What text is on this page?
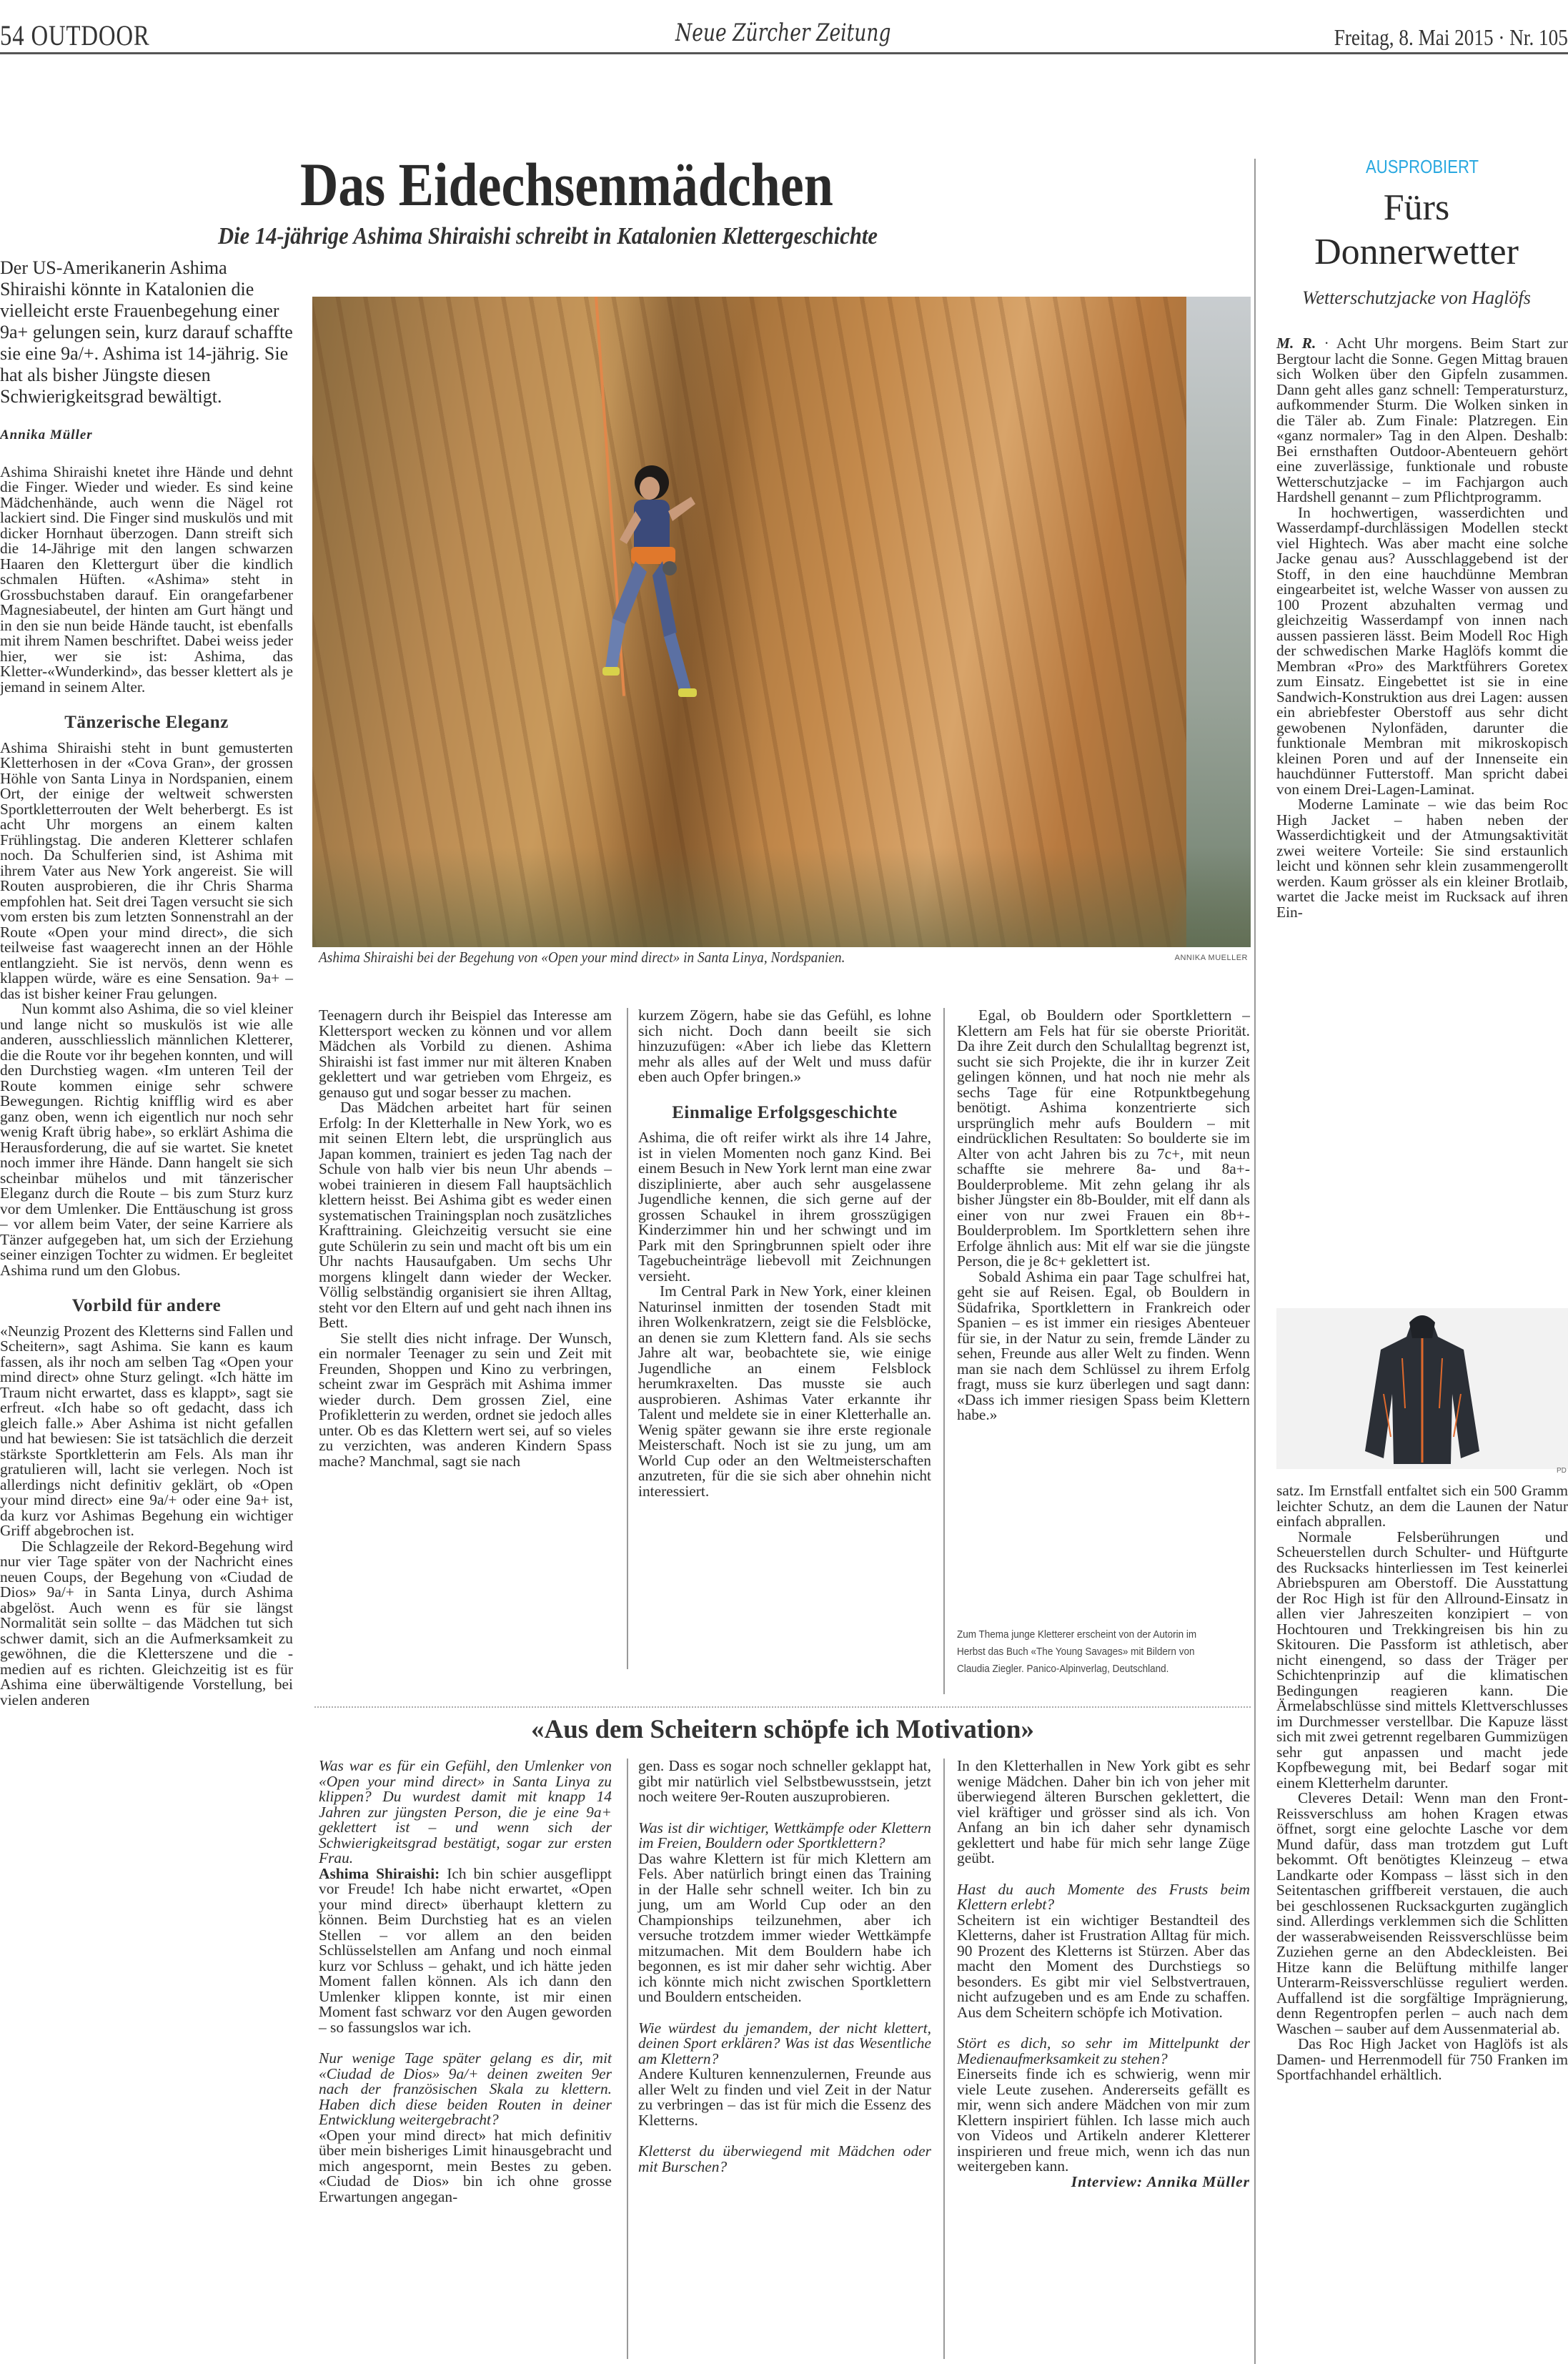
54 OUTDOOR	Neue Zürcher Zeitung	Freitag, 8. Mai 2015 · Nr. 105
Das Eidechsenmädchen
Die 14-jährige Ashima Shiraishi schreibt in Katalonien Klettergeschichte

Der US-Amerikanerin Ashima Shiraishi könnte in Katalonien die vielleicht erste Frauenbegehung einer 9a+ gelungen sein, kurz darauf schaffte sie eine 9a/+. Ashima ist 14-jährig. Sie hat als bisher Jüngste diesen Schwierigkeitsgrad bewältigt.

Annika Müller

Ashima Shiraishi knetet ihre Hände und dehnt die Finger. Wieder und wieder. Es sind keine Mädchenhände, auch wenn die Nägel rot lackiert sind. Die Finger sind muskulös und mit dicker Hornhaut überzogen. Dann streift sich die 14-Jährige mit den langen schwarzen Haaren den Klettergurt über die kindlich schmalen Hüften. «Ashima» steht in Grossbuchstaben darauf. Ein orangefarbener Magnesiabeutel, der hinten am Gurt hängt und in den sie nun beide Hände taucht, ist ebenfalls mit ihrem Namen beschriftet. Dabei weiss jeder hier, wer sie ist: Ashima, das Kletter-«Wunderkind», das besser klettert als je jemand in seinem Alter.

Tänzerische Eleganz

Ashima Shiraishi steht in bunt gemusterten Kletterhosen in der «Cova Gran», der grossen Höhle von Santa Linya in Nordspanien, einem Ort, der einige der weltweit schwersten Sportkletterrouten der Welt beherbergt. Es ist acht Uhr morgens an einem kalten Frühlingstag. Die anderen Kletterer schlafen noch. Da Schulferien sind, ist Ashima mit ihrem Vater aus New York angereist. Sie will Routen ausprobieren, die ihr Chris Sharma empfohlen hat. Seit drei Tagen versucht sie sich vom ersten bis zum letzten Sonnenstrahl an der Route «Open your mind direct», die sich teilweise fast waagerecht innen an der Höhle entlangzieht. Sie ist nervös, denn wenn es klappen würde, wäre es eine Sensation. 9a+ – das ist bisher keiner Frau gelungen.

Nun kommt also Ashima, die so viel kleiner und lange nicht so muskulös ist wie alle anderen, ausschliesslich männlichen Kletterer, die die Route vor ihr begehen konnten, und will den Durchstieg wagen. «Im unteren Teil der Route kommen einige sehr schwere Bewegungen. Richtig knifflig wird es aber ganz oben, wenn ich eigentlich nur noch sehr wenig Kraft übrig habe», so erklärt Ashima die Herausforderung, die auf sie wartet. Sie knetet noch immer ihre Hände. Dann hangelt sie sich scheinbar mühelos und mit tänzerischer Eleganz durch die Route – bis zum Sturz kurz vor dem Umlenker. Die Enttäuschung ist gross – vor allem beim Vater, der seine Karriere als Tänzer aufgegeben hat, um sich der Erziehung seiner einzigen Tochter zu widmen. Er begleitet Ashima rund um den Globus.

Vorbild für andere

«Neunzig Prozent des Kletterns sind Fallen und Scheitern», sagt Ashima. Sie kann es kaum fassen, als ihr noch am selben Tag «Open your mind direct» ohne Sturz gelingt. «Ich hätte im Traum nicht erwartet, dass es klappt», sagt sie erfreut. «Ich habe so oft gedacht, dass ich gleich falle.» Aber Ashima ist nicht gefallen und hat bewiesen: Sie ist tatsächlich die derzeit stärkste Sportkletterin am Fels. Als man ihr gratulieren will, lacht sie verlegen. Noch ist allerdings nicht definitiv geklärt, ob «Open your mind direct» eine 9a/+ oder eine 9a+ ist, da kurz vor Ashimas Begehung ein wichtiger Griff abgebrochen ist.

Die Schlagzeile der Rekord-Begehung wird nur vier Tage später von der Nachricht eines neuen Coups, der Begehung von «Ciudad de Dios» 9a/+ in Santa Linya, durch Ashima abgelöst. Auch wenn es für sie längst Normalität sein sollte – das Mädchen tut sich schwer damit, sich an die Aufmerksamkeit zu gewöhnen, die die Kletterszene und die -medien auf es richten. Gleichzeitig ist es für Ashima eine überwältigende Vorstellung, bei vielen anderen

Ashima Shiraishi bei der Begehung von «Open your mind direct» in Santa Linya, Nordspanien.	ANNIKA MUELLER

Teenagern durch ihr Beispiel das Interesse am Klettersport wecken zu können und vor allem Mädchen als Vorbild zu dienen. Ashima Shiraishi ist fast immer nur mit älteren Knaben geklettert und war getrieben vom Ehrgeiz, es genauso gut und sogar besser zu machen.

Das Mädchen arbeitet hart für seinen Erfolg: In der Kletterhalle in New York, wo es mit seinen Eltern lebt, die ursprünglich aus Japan kommen, trainiert es jeden Tag nach der Schule von halb vier bis neun Uhr abends – wobei trainieren in diesem Fall hauptsächlich klettern heisst. Bei Ashima gibt es weder einen systematischen Trainingsplan noch zusätzliches Krafttraining. Gleichzeitig versucht sie eine gute Schülerin zu sein und macht oft bis um ein Uhr nachts Hausaufgaben. Um sechs Uhr morgens klingelt dann wieder der Wecker. Völlig selbständig organisiert sie ihren Alltag, steht vor den Eltern auf und geht nach ihnen ins Bett.

Sie stellt dies nicht infrage. Der Wunsch, ein normaler Teenager zu sein und Zeit mit Freunden, Shoppen und Kino zu verbringen, scheint zwar im Gespräch mit Ashima immer wieder durch. Dem grossen Ziel, eine Profikletterin zu werden, ordnet sie jedoch alles unter. Ob es das Klettern wert sei, auf so vieles zu verzichten, was anderen Kindern Spass mache? Manchmal, sagt sie nach

kurzem Zögern, habe sie das Gefühl, es lohne sich nicht. Doch dann beeilt sie sich hinzuzufügen: «Aber ich liebe das Klettern mehr als alles auf der Welt und muss dafür eben auch Opfer bringen.»

Einmalige Erfolgsgeschichte

Ashima, die oft reifer wirkt als ihre 14 Jahre, ist in vielen Momenten noch ganz Kind. Bei einem Besuch in New York lernt man eine zwar disziplinierte, aber auch sehr ausgelassene Jugendliche kennen, die sich gerne auf der grossen Schaukel in ihrem grosszügigen Kinderzimmer hin und her schwingt und im Park mit den Springbrunnen spielt oder ihre Tagebucheinträge liebevoll mit Zeichnungen versieht.

Im Central Park in New York, einer kleinen Naturinsel inmitten der tosenden Stadt mit ihren Wolkenkratzern, zeigt sie die Felsblöcke, an denen sie zum Klettern fand. Als sie sechs Jahre alt war, beobachtete sie, wie einige Jugendliche an einem Felsblock herumkraxelten. Das musste sie auch ausprobieren. Ashimas Vater erkannte ihr Talent und meldete sie in einer Kletterhalle an. Wenig später gewann sie ihre erste regionale Meisterschaft. Noch ist sie zu jung, um am World Cup oder an den Weltmeisterschaften anzutreten, für die sie sich aber ohnehin nicht interessiert.

Egal, ob Bouldern oder Sportklettern – Klettern am Fels hat für sie oberste Priorität. Da ihre Zeit durch den Schulalltag begrenzt ist, sucht sie sich Projekte, die ihr in kurzer Zeit gelingen können, und hat noch nie mehr als sechs Tage für eine Rotpunktbegehung benötigt. Ashima konzentrierte sich ursprünglich mehr aufs Bouldern – mit eindrücklichen Resultaten: So boulderte sie im Alter von acht Jahren bis zu 7c+, mit neun schaffte sie mehrere 8a- und 8a+-Boulderprobleme. Mit zehn gelang ihr als bisher Jüngster ein 8b-Boulder, mit elf dann als einer von nur zwei Frauen ein 8b+-Boulderproblem. Im Sportklettern sehen ihre Erfolge ähnlich aus: Mit elf war sie die jüngste Person, die je 8c+ geklettert ist.

Sobald Ashima ein paar Tage schulfrei hat, geht sie auf Reisen. Egal, ob Bouldern in Südafrika, Sportklettern in Frankreich oder Spanien – es ist immer ein riesiges Abenteuer für sie, in der Natur zu sein, fremde Länder zu sehen, Freunde aus aller Welt zu finden. Wenn man sie nach dem Schlüssel zu ihrem Erfolg fragt, muss sie kurz überlegen und sagt dann: «Dass ich immer riesigen Spass beim Klettern habe.»

Zum Thema junge Kletterer erscheint von der Autorin im Herbst das Buch «The Young Savages» mit Bildern von Claudia Ziegler. Panico-Alpinverlag, Deutschland.
«Aus dem Scheitern schöpfe ich Motivation»

Was war es für ein Gefühl, den Umlenker von «Open your mind direct» in Santa Linya zu klippen? Du wurdest damit mit knapp 14 Jahren zur jüngsten Person, die je eine 9a+ geklettert ist – und wenn sich der Schwierigkeitsgrad bestätigt, sogar zur ersten Frau.

Ashima Shiraishi: Ich bin schier ausgeflippt vor Freude! Ich habe nicht erwartet, «Open your mind direct» überhaupt klettern zu können. Beim Durchstieg hat es an vielen Stellen – vor allem an den beiden Schlüsselstellen am Anfang und noch einmal kurz vor Schluss – gehakt, und ich hätte jeden Moment fallen können. Als ich dann den Umlenker klippen konnte, ist mir einen Moment fast schwarz vor den Augen geworden – so fassungslos war ich.

Nur wenige Tage später gelang es dir, mit «Ciudad de Dios» 9a/+ deinen zweiten 9er nach der französischen Skala zu klettern. Haben dich diese beiden Routen in deiner Entwicklung weitergebracht?

«Open your mind direct» hat mich definitiv über mein bisheriges Limit hinausgebracht und mich angespornt, mein Bestes zu geben. «Ciudad de Dios» bin ich ohne grosse Erwartungen angegan-

gen. Dass es sogar noch schneller geklappt hat, gibt mir natürlich viel Selbstbewusstsein, jetzt noch weitere 9er-Routen auszuprobieren.

Was ist dir wichtiger, Wettkämpfe oder Klettern im Freien, Bouldern oder Sportklettern?

Das wahre Klettern ist für mich Klettern am Fels. Aber natürlich bringt einen das Training in der Halle sehr schnell weiter. Ich bin zu jung, um am World Cup oder an den Championships teilzunehmen, aber ich versuche trotzdem immer wieder Wettkämpfe mitzumachen. Mit dem Bouldern habe ich begonnen, es ist mir daher sehr wichtig. Aber ich könnte mich nicht zwischen Sportklettern und Bouldern entscheiden.

Wie würdest du jemandem, der nicht klettert, deinen Sport erklären? Was ist das Wesentliche am Klettern?

Andere Kulturen kennenzulernen, Freunde aus aller Welt zu finden und viel Zeit in der Natur zu verbringen – das ist für mich die Essenz des Kletterns.

Kletterst du überwiegend mit Mädchen oder mit Burschen?

In den Kletterhallen in New York gibt es sehr wenige Mädchen. Daher bin ich von jeher mit überwiegend älteren Burschen geklettert, die viel kräftiger und grösser sind als ich. Von Anfang an bin ich daher sehr dynamisch geklettert und habe für mich sehr lange Züge geübt.

Hast du auch Momente des Frusts beim Klettern erlebt?

Scheitern ist ein wichtiger Bestandteil des Kletterns, daher ist Frustration Alltag für mich. 90 Prozent des Kletterns ist Stürzen. Aber das macht den Moment des Durchstiegs so besonders. Es gibt mir viel Selbstvertrauen, nicht aufzugeben und es am Ende zu schaffen. Aus dem Scheitern schöpfe ich Motivation.

Stört es dich, so sehr im Mittelpunkt der Medienaufmerksamkeit zu stehen?

Einerseits finde ich es schwierig, wenn mir viele Leute zusehen. Andererseits gefällt es mir, wenn sich andere Mädchen von mir zum Klettern inspiriert fühlen. Ich lasse mich auch von Videos und Artikeln anderer Kletterer inspirieren und freue mich, wenn ich das nun weitergeben kann.

Interview: Annika Müller

AUSPROBIERT
Fürs
Donnerwetter
Wetterschutzjacke von Haglöfs

M. R. · Acht Uhr morgens. Beim Start zur Bergtour lacht die Sonne. Gegen Mittag brauen sich Wolken über den Gipfeln zusammen. Dann geht alles ganz schnell: Temperatursturz, aufkommender Sturm. Die Wolken sinken in die Täler ab. Zum Finale: Platzregen. Ein «ganz normaler» Tag in den Alpen. Deshalb: Bei ernsthaften Outdoor-Abenteuern gehört eine zuverlässige, funktionale und robuste Wetterschutzjacke – im Fachjargon auch Hardshell genannt – zum Pflichtprogramm.

In hochwertigen, wasserdichten und Wasserdampf-durchlässigen Modellen steckt viel Hightech. Was aber macht eine solche Jacke genau aus? Ausschlaggebend ist der Stoff, in den eine hauchdünne Membran eingearbeitet ist, welche Wasser von aussen zu 100 Prozent abzuhalten vermag und gleichzeitig Wasserdampf von innen nach aussen passieren lässt. Beim Modell Roc High der schwedischen Marke Haglöfs kommt die Membran «Pro» des Marktführers Goretex zum Einsatz. Eingebettet ist sie in eine Sandwich-Konstruktion aus drei Lagen: aussen ein abriebfester Oberstoff aus sehr dicht gewobenen Nylonfäden, darunter die funktionale Membran mit mikroskopisch kleinen Poren und auf der Innenseite ein hauchdünner Futterstoff. Man spricht dabei von einem Drei-Lagen-Laminat.

Moderne Laminate – wie das beim Roc High Jacket – haben neben der Wasserdichtigkeit und der Atmungsaktivität zwei weitere Vorteile: Sie sind erstaunlich leicht und können sehr klein zusammengerollt werden. Kaum grösser als ein kleiner Brotlaib, wartet die Jacke meist im Rucksack auf ihren Ein-

PD

satz. Im Ernstfall entfaltet sich ein 500 Gramm leichter Schutz, an dem die Launen der Natur einfach abprallen.

Normale Felsberührungen und Scheuerstellen durch Schulter- und Hüftgurte des Rucksacks hinterliessen im Test keinerlei Abriebspuren am Oberstoff. Die Ausstattung der Roc High ist für den Allround-Einsatz in allen vier Jahreszeiten konzipiert – von Hochtouren und Trekkingreisen bis hin zu Skitouren. Die Passform ist athletisch, aber nicht einengend, so dass der Träger per Schichtenprinzip auf die klimatischen Bedingungen reagieren kann. Die Ärmelabschlüsse sind mittels Klettverschlusses im Durchmesser verstellbar. Die Kapuze lässt sich mit zwei getrennt regelbaren Gummizügen sehr gut anpassen und macht jede Kopfbewegung mit, bei Bedarf sogar mit einem Kletterhelm darunter.

Cleveres Detail: Wenn man den Front-Reissverschluss am hohen Kragen etwas öffnet, sorgt eine gelochte Lasche vor dem Mund dafür, dass man trotzdem gut Luft bekommt. Oft benötigtes Kleinzeug – etwa Landkarte oder Kompass – lässt sich in den Seitentaschen griffbereit verstauen, die auch bei geschlossenen Rucksackgurten zugänglich sind. Allerdings verklemmen sich die Schlitten der wasserabweisenden Reissverschlüsse beim Zuziehen gerne an den Abdeckleisten. Bei Hitze kann die Belüftung mithilfe langer Unterarm-Reissverschlüsse reguliert werden. Auffallend ist die sorgfältige Imprägnierung, denn Regentropfen perlen – auch nach dem Waschen – sauber auf dem Aussenmaterial ab.

Das Roc High Jacket von Haglöfs ist als Damen- und Herrenmodell für 750 Franken im Sportfachhandel erhältlich.
